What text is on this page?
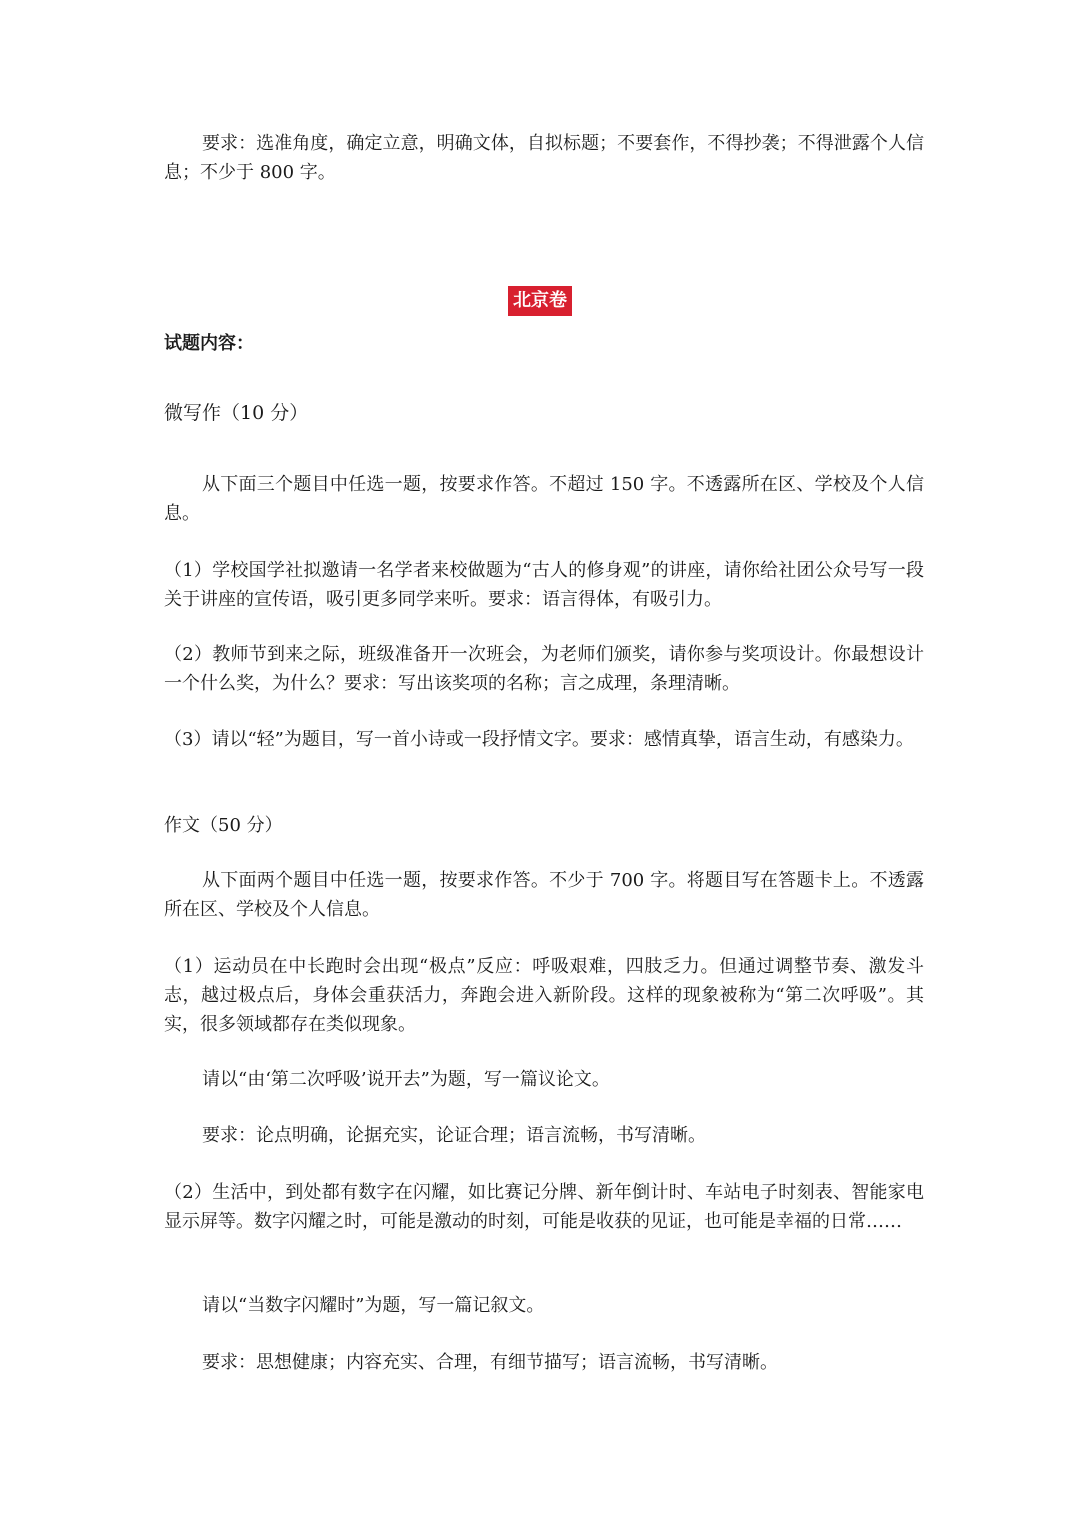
要求：选准角度，确定立意，明确文体，自拟标题；不要套作，不得抄袭；不得泄露个人信息；不少于 800 字。

北京卷

试题内容：

微写作（10 分）

从下面三个题目中任选一题，按要求作答。不超过 150 字。不透露所在区、学校及个人信息。

（1）学校国学社拟邀请一名学者来校做题为“古人的修身观”的讲座，请你给社团公众号写一段关于讲座的宣传语，吸引更多同学来听。要求：语言得体，有吸引力。

（2）教师节到来之际，班级准备开一次班会，为老师们颁奖，请你参与奖项设计。你最想设计一个什么奖，为什么？要求：写出该奖项的名称；言之成理，条理清晰。

（3）请以“轻”为题目，写一首小诗或一段抒情文字。要求：感情真挚，语言生动，有感染力。

作文（50 分）

从下面两个题目中任选一题，按要求作答。不少于 700 字。将题目写在答题卡上。不透露所在区、学校及个人信息。

（1）运动员在中长跑时会出现“极点”反应：呼吸艰难，四肢乏力。但通过调整节奏、激发斗志，越过极点后，身体会重获活力，奔跑会进入新阶段。这样的现象被称为“第二次呼吸”。其实，很多领域都存在类似现象。

请以“由‘第二次呼吸’说开去”为题，写一篇议论文。

要求：论点明确，论据充实，论证合理；语言流畅，书写清晰。

（2）生活中，到处都有数字在闪耀，如比赛记分牌、新年倒计时、车站电子时刻表、智能家电显示屏等。数字闪耀之时，可能是激动的时刻，可能是收获的见证，也可能是幸福的日常……

请以“当数字闪耀时”为题，写一篇记叙文。

要求：思想健康；内容充实、合理，有细节描写；语言流畅，书写清晰。
